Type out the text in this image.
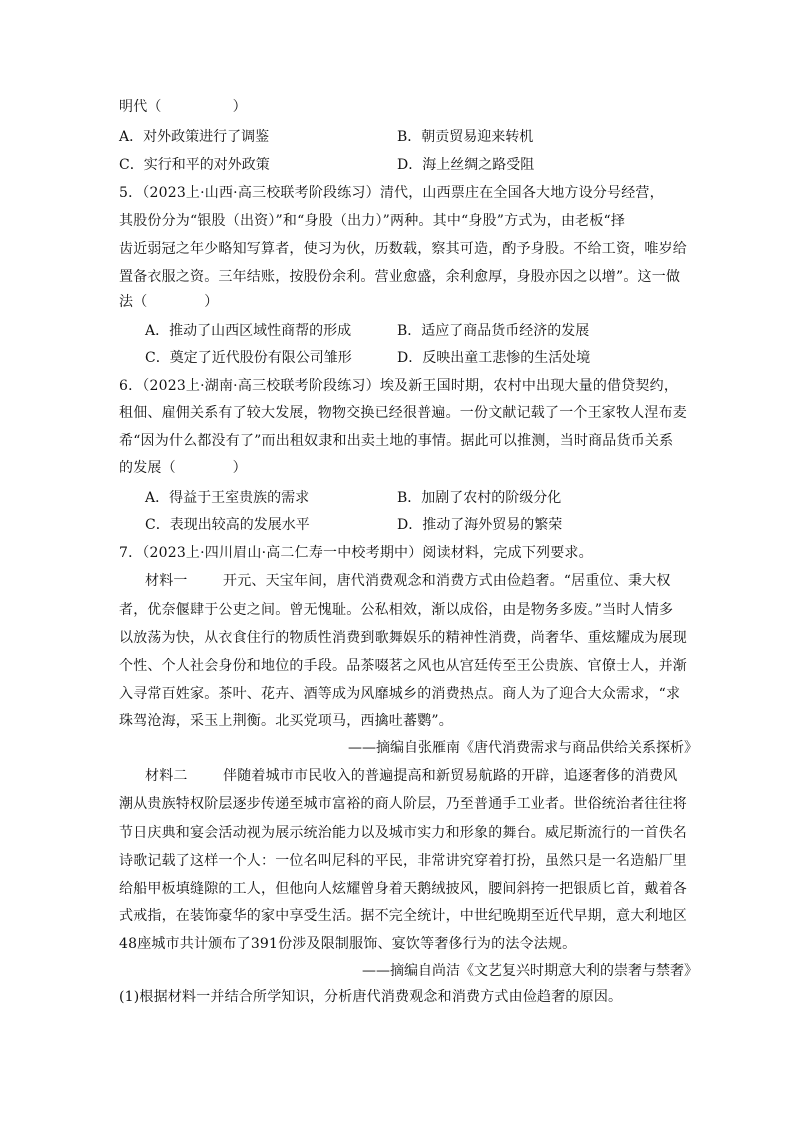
明代（　　　　　）
A．对外政策进行了调鉴	B．朝贡贸易迎来转机
C．实行和平的对外政策	D．海上丝绸之路受阻
5．（2023上·山西·高三校联考阶段练习）清代，山西票庄在全国各大地方设分号经营，
其股份分为“银股（出资）”和“身股（出力）”两种。其中“身股”方式为，由老板“择
齿近弱冠之年少略知写算者，使习为伙，历数载，察其可造，酌予身股。不给工资，唯岁给
置备衣服之资。三年结账，按股份余利。营业愈盛，余利愈厚，身股亦因之以增”。这一做
法（　　　　）
A．推动了山西区域性商帮的形成	B．适应了商品货币经济的发展
C．奠定了近代股份有限公司雏形	D．反映出童工悲惨的生活处境
6．（2023上·湖南·高三校联考阶段练习）埃及新王国时期，农村中出现大量的借贷契约，
租佃、雇佣关系有了较大发展，物物交换已经很普遍。一份文献记载了一个王家牧人涅布麦
希“因为什么都没有了”而出租奴隶和出卖土地的事情。据此可以推测，当时商品货币关系
的发展（　　　　）
A．得益于王室贵族的需求	B．加剧了农村的阶级分化
C．表现出较高的发展水平	D．推动了海外贸易的繁荣
7．（2023上·四川眉山·高二仁寿一中校考期中）阅读材料，完成下列要求。
材料一	开元、天宝年间，唐代消费观念和消费方式由俭趋奢。“居重位、秉大权
者，优奈偃肆于公吏之间。曾无愧耻。公私相效，渐以成俗，由是物务多废。”当时人情多
以放荡为快，从衣食住行的物质性消费到歌舞娱乐的精神性消费，尚奢华、重炫耀成为展现
个性、个人社会身份和地位的手段。品茶啜茗之风也从宫廷传至王公贵族、官僚士人，并渐
入寻常百姓家。茶叶、花卉、酒等成为风靡城乡的消费热点。商人为了迎合大众需求，“求
珠驾沧海，采玉上荆衡。北买党项马，西擒吐蕃鹦”。
——摘编自张雁南《唐代消费需求与商品供给关系探析》
材料二	伴随着城市市民收入的普遍提高和新贸易航路的开辟，追逐奢侈的消费风
潮从贵族特权阶层逐步传递至城市富裕的商人阶层，乃至普通手工业者。世俗统治者往往将
节日庆典和宴会活动视为展示统治能力以及城市实力和形象的舞台。威尼斯流行的一首佚名
诗歌记载了这样一个人：一位名叫尼科的平民，非常讲究穿着打扮，虽然只是一名造船厂里
给船甲板填缝隙的工人，但他向人炫耀曾身着天鹅绒披风，腰间斜挎一把银质匕首，戴着各
式戒指，在装饰豪华的家中享受生活。据不完全统计，中世纪晚期至近代早期，意大利地区
48座城市共计颁布了391份涉及限制服饰、宴饮等奢侈行为的法令法规。
——摘编自尚洁《文艺复兴时期意大利的崇奢与禁奢》
(1)根据材料一并结合所学知识，分析唐代消费观念和消费方式由俭趋奢的原因。
